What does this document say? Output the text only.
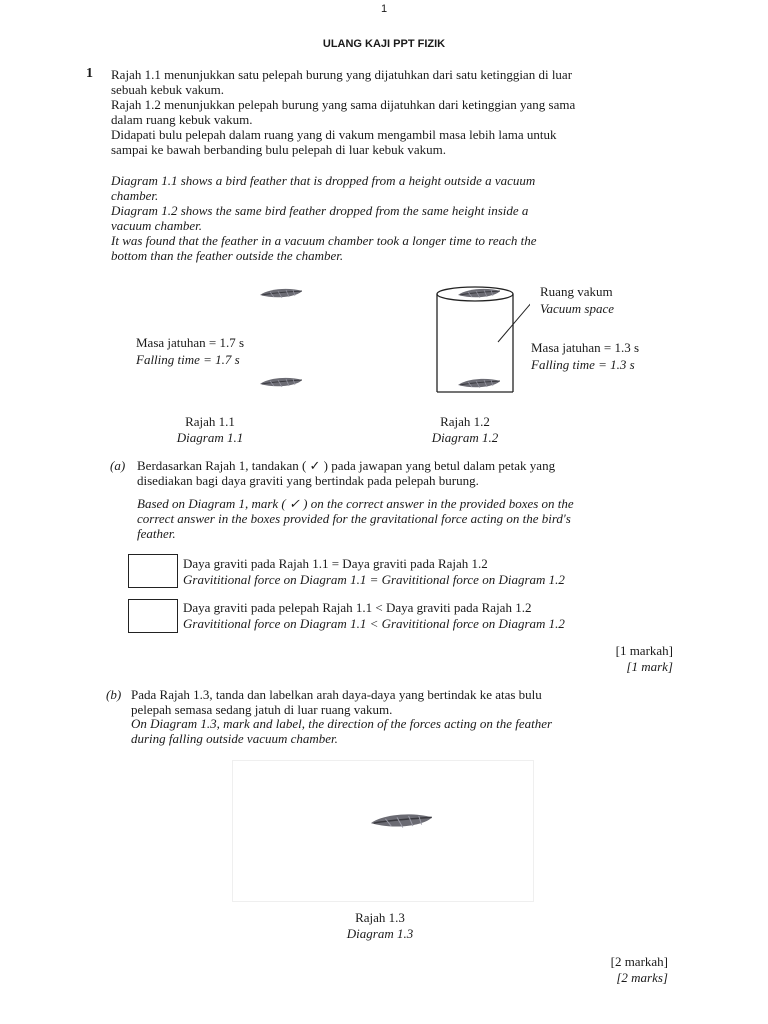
1
ULANG KAJI PPT FIZIK
1 Rajah 1.1 menunjukkan satu pelepah burung yang dijatuhkan dari satu ketinggian di luar

sebuah kebuk vakum.

Rajah 1.2 menunjukkan pelepah burung yang sama dijatuhkan dari ketinggian yang sama

dalam ruang kebuk vakum.

Didapati bulu pelepah dalam ruang yang di vakum mengambil masa lebih lama untuk

sampai ke bawah berbanding bulu pelepah di luar kebuk vakum.

Diagram 1.1 shows a bird feather that is dropped from a height outside a vacuum

chamber.

Diagram 1.2 shows the same bird feather dropped from the same height inside a

vacuum chamber.

It was found that the feather in a vacuum chamber took a longer time to reach the

bottom than the feather outside the chamber.

Masa jatuhan = 1.7 s
Falling time = 1.7 s
Rajah 1.1
Diagram 1.1
Ruang vakum
Vacuum space
Masa jatuhan = 1.3 s
Falling time = 1.3 s
Rajah 1.2
Diagram 1.2
(a) Berdasarkan Rajah 1, tandakan ( ✓ ) pada jawapan yang betul dalam petak yang

disediakan bagi daya graviti yang bertindak pada pelepah burung.

Based on Diagram 1, mark ( ✓ ) on the correct answer in the provided boxes on the

correct answer in the boxes provided for the gravitational force acting on the bird's

feather.

Daya graviti pada Rajah 1.1 = Daya graviti pada Rajah 1.2
Gravititional force on Diagram 1.1 = Gravititional force on Diagram 1.2
Daya graviti pada pelepah Rajah 1.1 < Daya graviti pada Rajah 1.2
Gravititional force on Diagram 1.1 < Gravititional force on Diagram 1.2
[1 markah]
[1 mark]
(b) Pada Rajah 1.3, tanda dan labelkan arah daya-daya yang bertindak ke atas bulu

pelepah semasa sedang jatuh di luar ruang vakum.

On Diagram 1.3, mark and label, the direction of the forces acting on the feather

during falling outside vacuum chamber.

Rajah 1.3
Diagram 1.3
[2 markah]
[2 marks]
